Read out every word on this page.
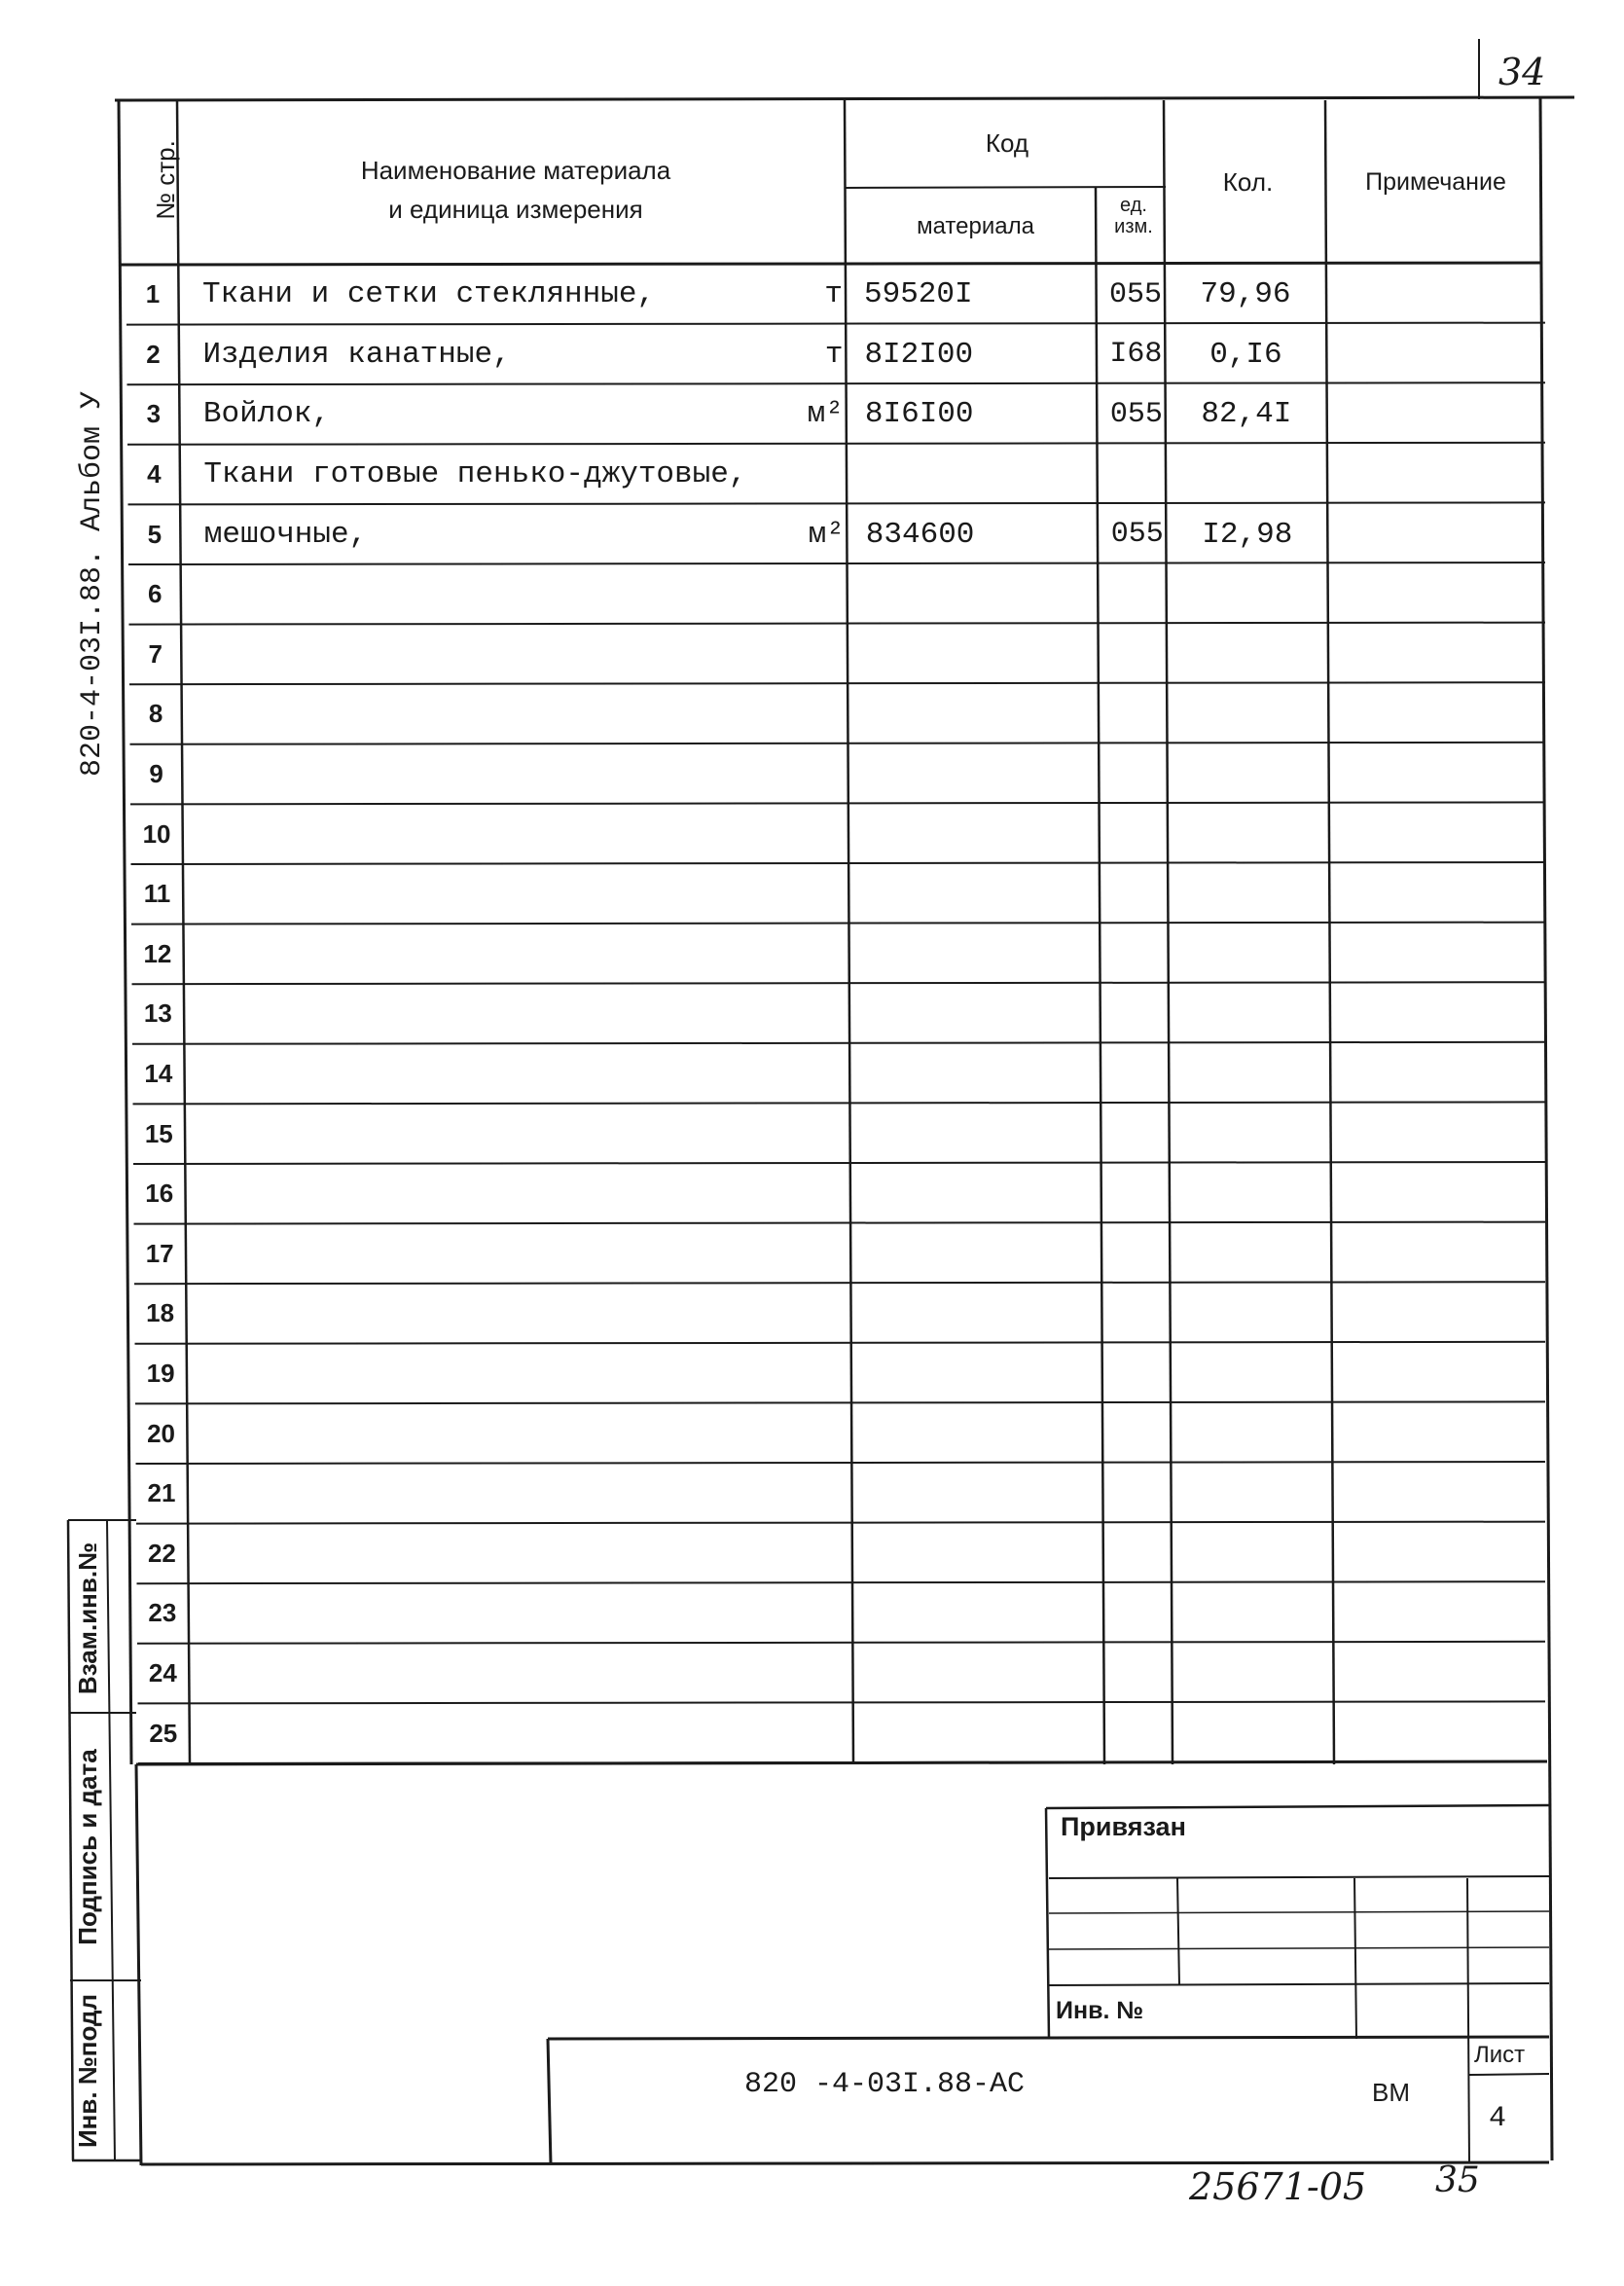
34
820-4-03I.88. Альбом У
№ стр.	Наименование материала
и единица измерения
Код
материала
ед. изм.
Кол.	Примечание
1	Ткани и сетки стеклянные,	т 59520I	055	79,96
2	Изделия канатные,	т 8I2I00	I68	0,I6
3	Войлок,	м² 8I6I00	055	82,4I
4	Ткани готовые пенько-джутовые,
5	мешочные,	м² 834600	055	I2,98
6
7
8
9
10
11
12
13
14
15
16
17
18
19
20
21
22
23
24
25
Взам.инв.№
Подпись и дата
Инв. №подл
Привязан
Инв. №
820 -4-03I.88-АС	ВМ
Лист
4
25671-05 35
